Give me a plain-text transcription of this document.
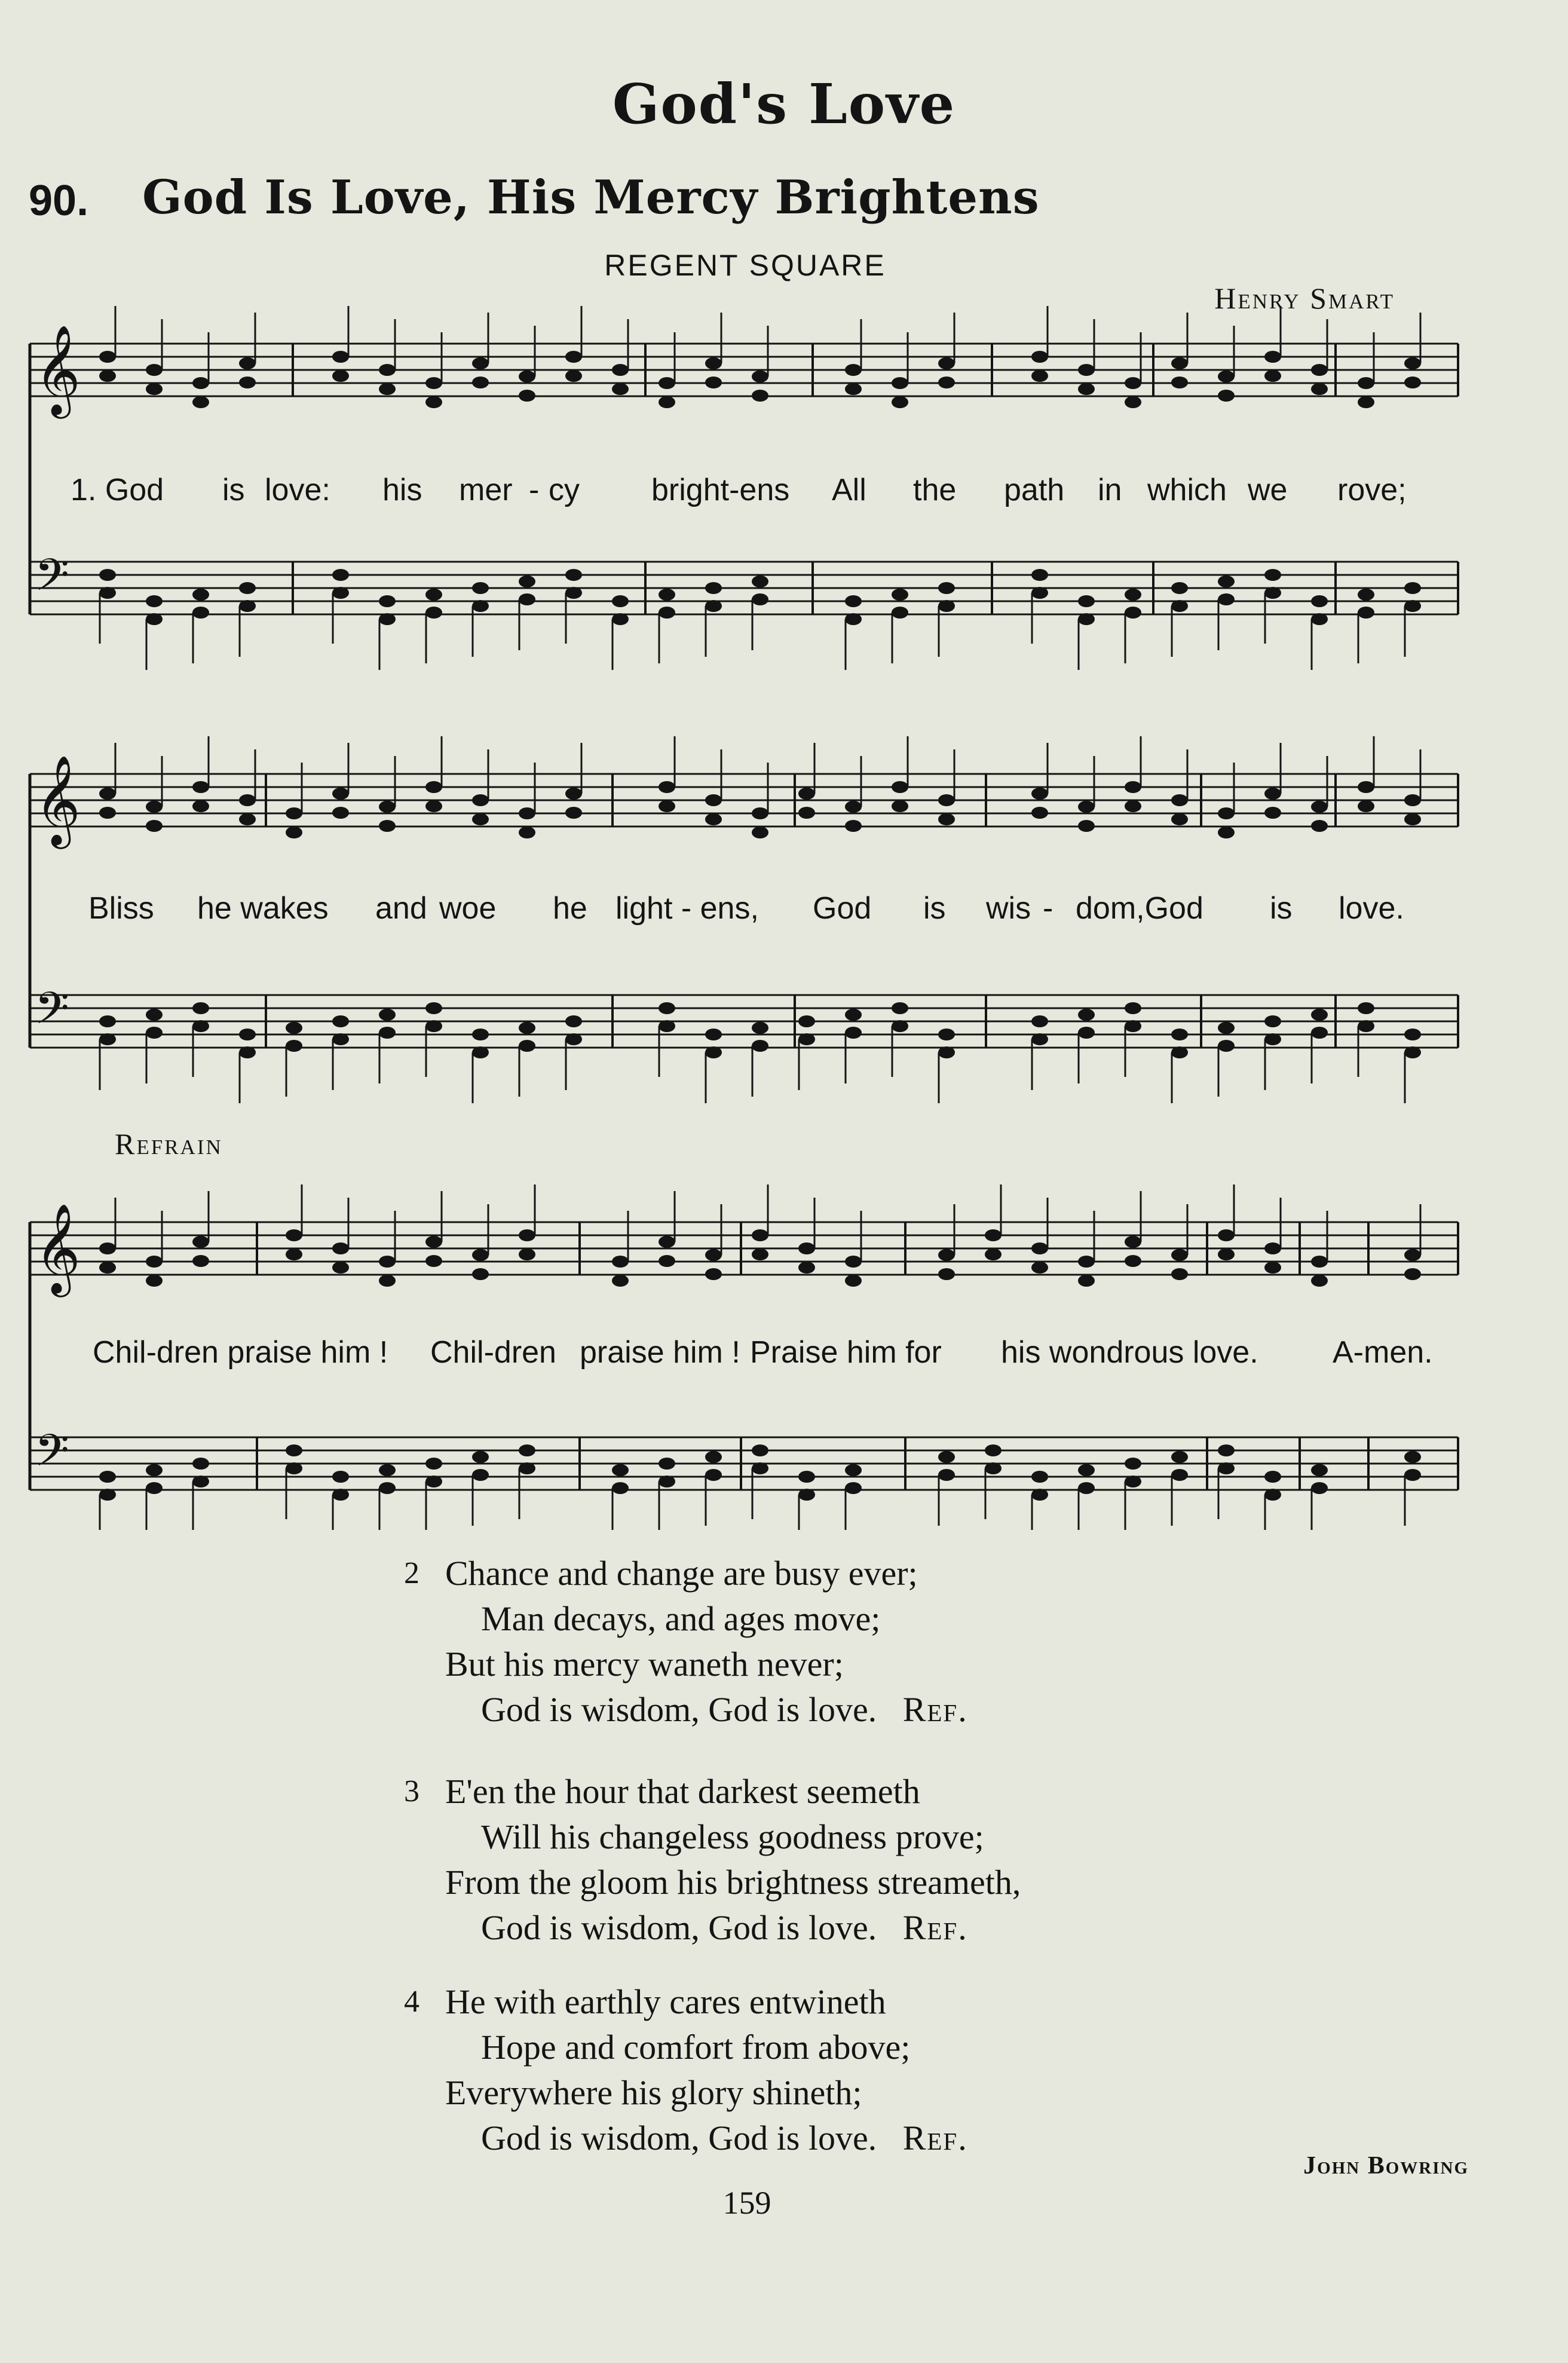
God's Love
90. God Is Love, His Mercy Brightens
REGENT SQUARE
Henry Smart
𝄞
𝄢
𝄞
𝄢
𝄞
𝄢
1. God is love: his mer - cy bright-ens All the path in which we rove;
Bliss he wakes and woe he light - ens, God is wis - dom,God is love.
Refrain
Chil-dren praise him ! Chil-dren praise him ! Praise him for his wondrous love. A-men.
2 Chance and change are busy ever;
Man decays, and ages move;
But his mercy waneth never;
God is wisdom, God is love. Ref.
3 E'en the hour that darkest seemeth
Will his changeless goodness prove;
From the gloom his brightness streameth,
God is wisdom, God is love. Ref.
4 He with earthly cares entwineth
Hope and comfort from above;
Everywhere his glory shineth;
God is wisdom, God is love. Ref.
John Bowring
159
